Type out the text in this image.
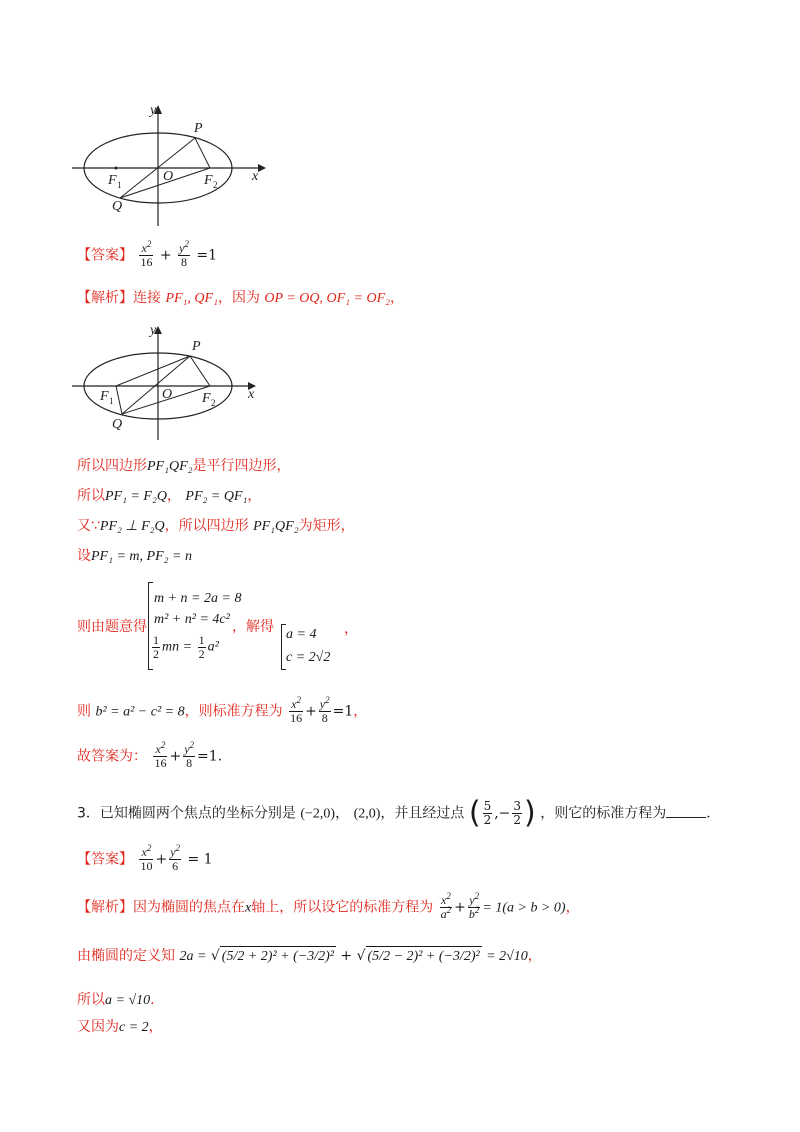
y
x
P
O
Q
F 1	F 2
【答案】 $\frac{x^2}{16} + \frac{y^2}{8} =1$
【解析】连接 PF₁, QF₁，因为 OP = OQ, OF₁ = OF₂，
y
x
P
O
Q
F 1	F 2
所以四边形PF₁QF₂是平行四边形，
所以PF₁ = F₂Q， PF₂ = QF₁，
又∵PF₂ ⊥ F₂Q，所以四边形 PF₁QF₂为矩形，
设PF₁ = m, PF₂ = n
则由题意得
m + n = 2a = 8
m² + n² = 4c²
$\frac{1}{2}$ mn = $\frac{1}{2} a^2$
，解得 a = 4
c = 2√2
，
则 b² = a² − c² = 8，则标准方程为 $\frac{x^2}{16} + \frac{y^2}{8} =1$，
故答案为： $\frac{x^2}{16} + \frac{y^2}{8} =1$.
3．已知椭圆两个焦点的坐标分别是 (−2,0)， (2,0)，并且经过点 ( $\frac{5}{2}$ ,− $\frac{3}{2}$ ) ，则它的标准方程为	.
【答案】 $\frac{x^2}{10} + \frac{y^2}{6} = 1$
【解析】因为椭圆的焦点在x轴上，所以设它的标准方程为 $\frac{x^2}{a^2} + \frac{y^2}{b^2} = 1(a > b > 0)$，
由椭圆的定义知 2a = √ (5/2 + 2)² + (−3/2)² + √ (5/2 − 2)² + (−3/2)² = 2√10，
所以a = √10.
又因为c = 2，
